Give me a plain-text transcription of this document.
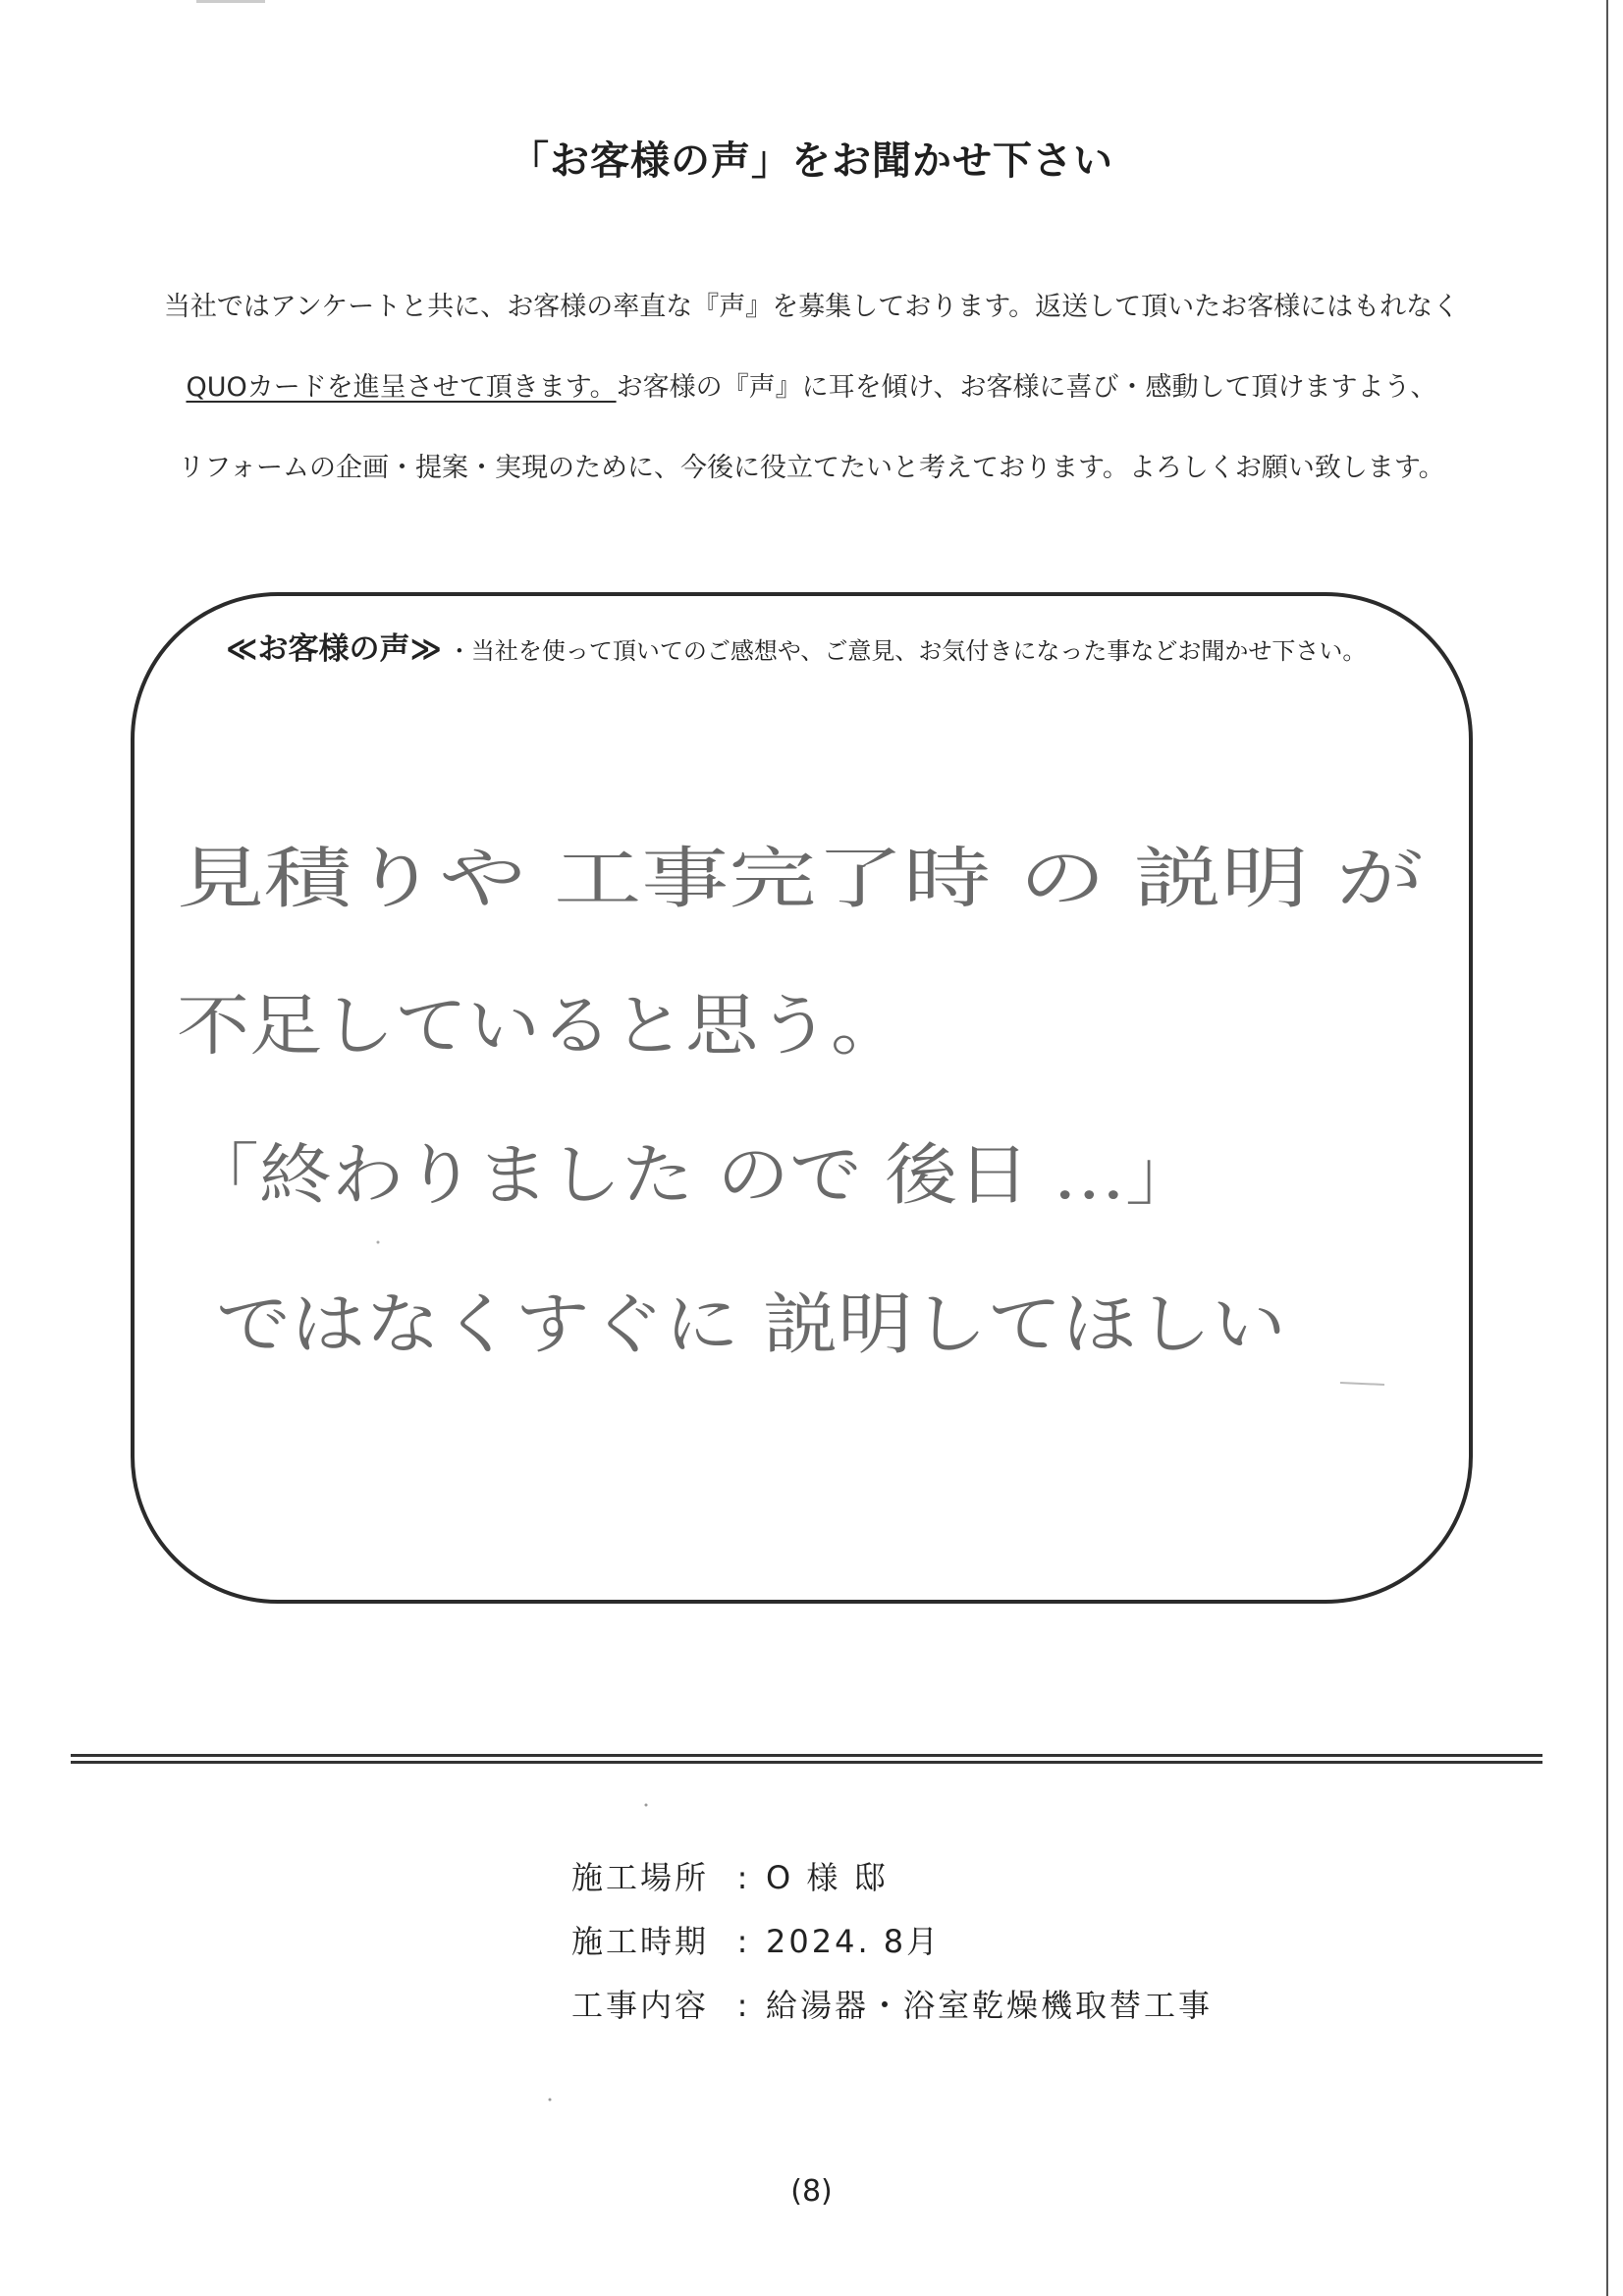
「お客様の声」をお聞かせ下さい
当社ではアンケートと共に、お客様の率直な『声』を募集しております。返送して頂いたお客様にはもれなく
QUOカードを進呈させて頂きます。お客様の『声』に耳を傾け、お客様に喜び・感動して頂けますよう、
リフォームの企画・提案・実現のために、今後に役立てたいと考えております。よろしくお願い致します。
≪お客様の声≫ ・当社を使って頂いてのご感想や、ご意見、お気付きになった事などお聞かせ下さい。
見積りや 工事完了時 の 説明 が
不足していると思う。
「終わりました ので 後日 …」
ではなくすぐに 説明してほしい
施工場所 : O 様 邸
施工時期 : 2024. 8月
工事内容 : 給湯器・浴室乾燥機取替工事
(8)
